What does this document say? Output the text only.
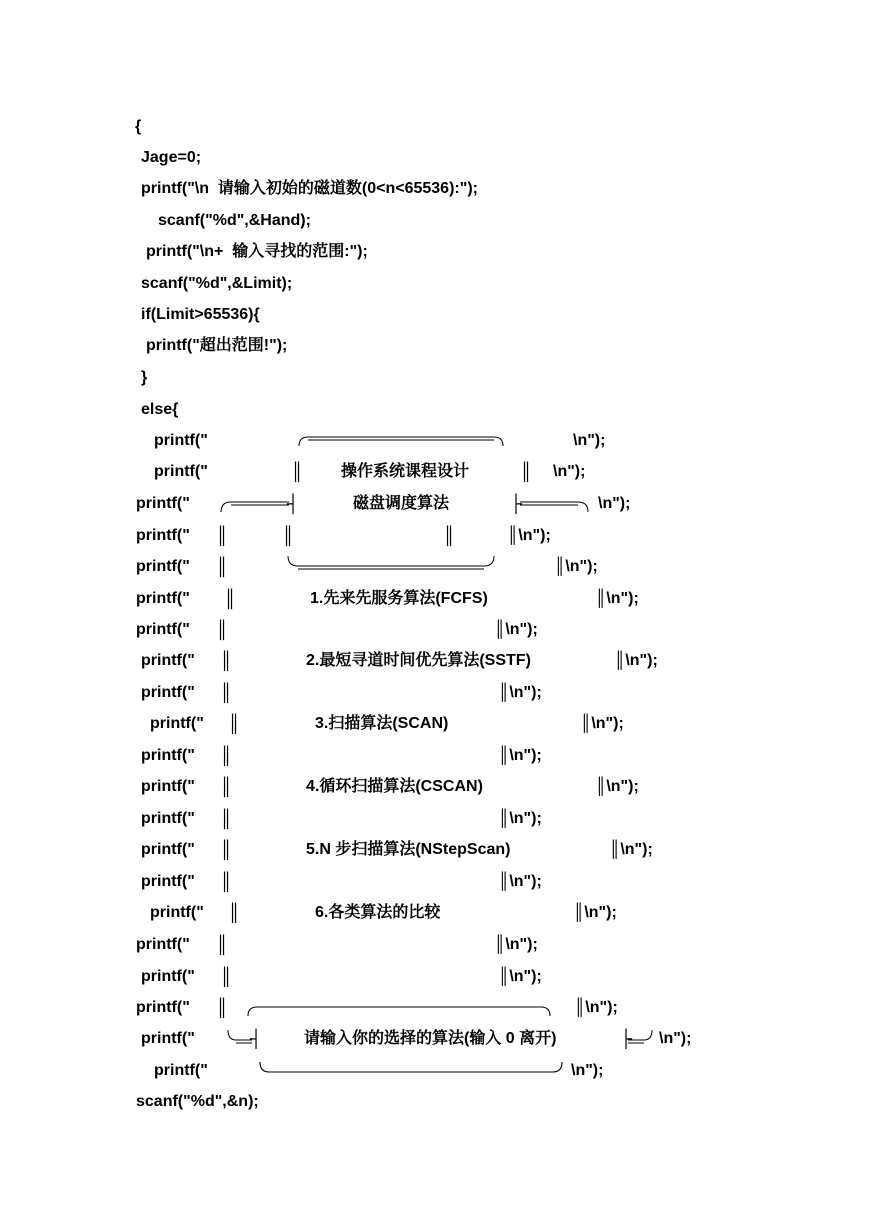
{
Jage=0;
printf("\n  请输入初始的磁道数(0<n<65536):");
scanf("%d",&Hand);
printf("\n+  输入寻找的范围:");
scanf("%d",&Limit);
if(Limit>65536){
printf("超出范围!");
}
else{
printf("	\n");
printf("	║ 操作系统课程设计	║ \n");
printf("	┤	磁盘调度算法	├	\n");
printf(" ║	║	║	║\n");
printf(" ║	║\n");
printf(" ║	1.先来先服务算法(FCFS)	║\n");
printf(" ║	║\n");
printf(" ║	2.最短寻道时间优先算法(SSTF)	║\n");
printf(" ║	║\n");
printf(" ║	3.扫描算法(SCAN)	║\n");
printf(" ║	║\n");
printf(" ║	4.循环扫描算法(CSCAN)	║\n");
printf(" ║	║\n");
printf(" ║	5.N 步扫描算法(NStepScan)	║\n");
printf(" ║	║\n");
printf(" ║	6.各类算法的比较	║\n");
printf(" ║	║\n");
printf(" ║	║\n");
printf(" ║	║\n");
printf("	┤	请输入你的选择的算法(输入 0 离开)	├ \n");
printf("	\n");
scanf("%d",&n);
